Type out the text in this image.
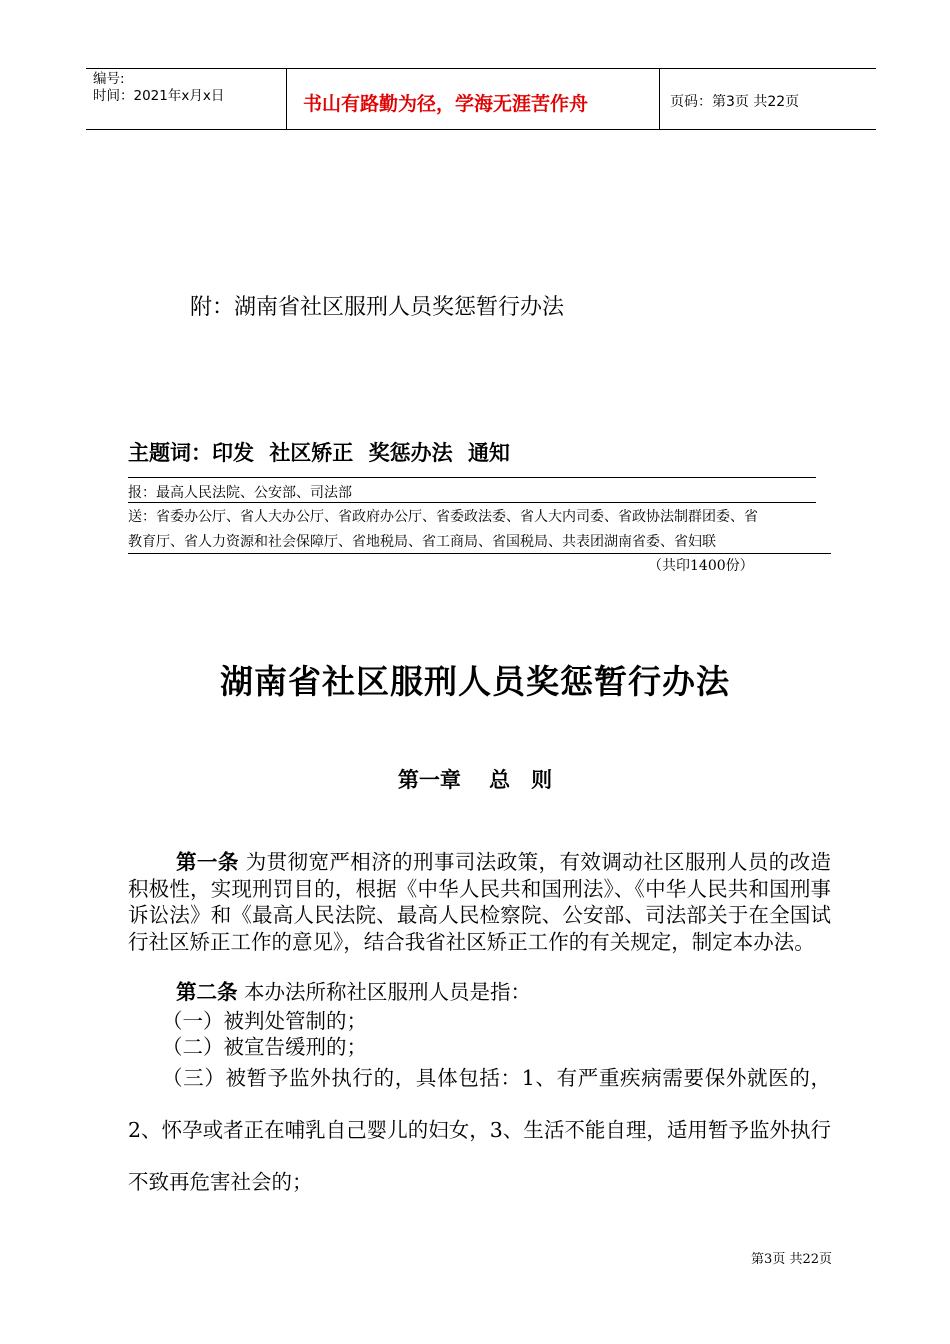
编号:
时间：2021年x月x日	书山有路勤为径，学海无涯苦作舟	页码：第3页 共22页
附：湖南省社区服刑人员奖惩暂行办法
主题词：印发 社区矫正 奖惩办法 通知
报：最高人民法院、公安部、司法部
送：省委办公厅、省人大办公厅、省政府办公厅、省委政法委、省人大内司委、省政协法制群团委、省
教育厅、省人力资源和社会保障厅、省地税局、省工商局、省国税局、共表团湖南省委、省妇联
（共印1400份）
湖南省社区服刑人员奖惩暂行办法
第一章　 总　则
第一条 为贯彻宽严相济的刑事司法政策，有效调动社区服刑人员的改造积极性，实现刑罚目的，根据《中华人民共和国刑法》、《中华人民共和国刑事诉讼法》和《最高人民法院、最高人民检察院、公安部、司法部关于在全国试行社区矫正工作的意见》，结合我省社区矫正工作的有关规定，制定本办法。
第二条 本办法所称社区服刑人员是指：
（一）被判处管制的；
（二）被宣告缓刑的；
（三）被暂予监外执行的，具体包括：1、有严重疾病需要保外就医的，2、怀孕或者正在哺乳自己婴儿的妇女，3、生活不能自理，适用暂予监外执行不致再危害社会的；
第3页 共22页
